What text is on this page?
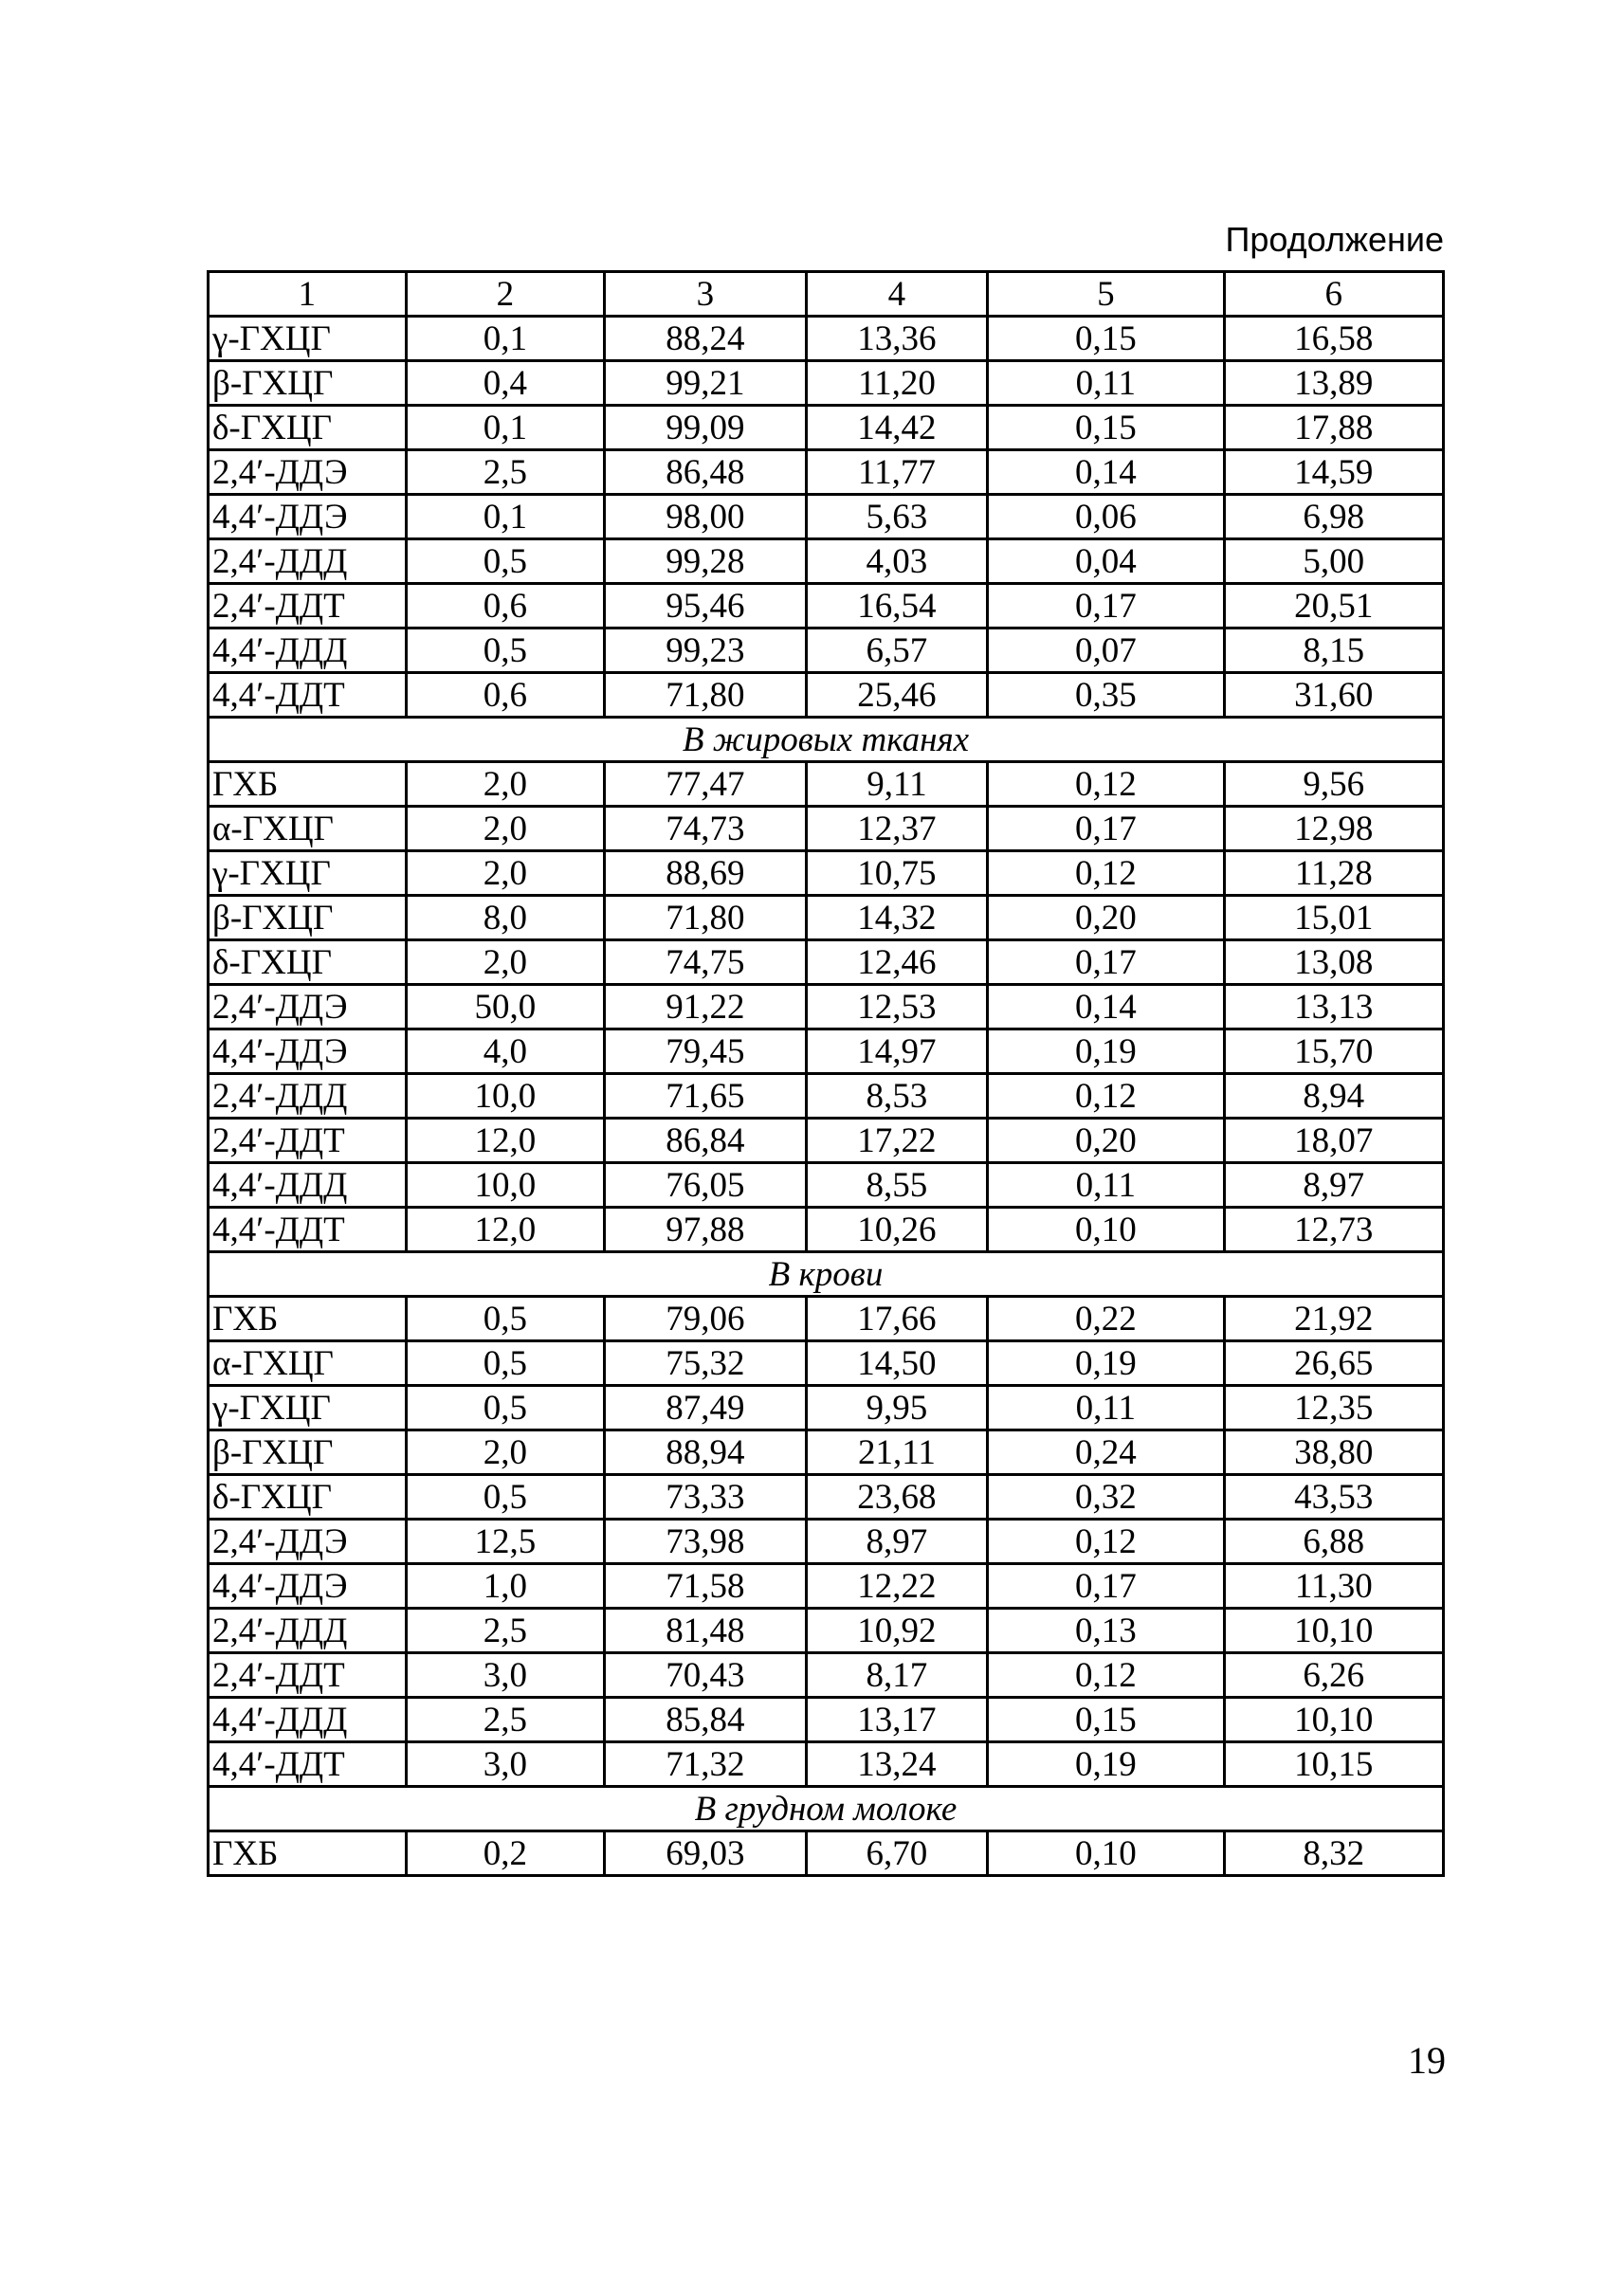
Продолжение

1	2	3	4	5	6
γ-ГХЦГ	0,1	88,24	13,36	0,15	16,58
β-ГХЦГ	0,4	99,21	11,20	0,11	13,89
δ-ГХЦГ	0,1	99,09	14,42	0,15	17,88
2,4′-ДДЭ	2,5	86,48	11,77	0,14	14,59
4,4′-ДДЭ	0,1	98,00	5,63	0,06	6,98
2,4′-ДДД	0,5	99,28	4,03	0,04	5,00
2,4′-ДДТ	0,6	95,46	16,54	0,17	20,51
4,4′-ДДД	0,5	99,23	6,57	0,07	8,15
4,4′-ДДТ	0,6	71,80	25,46	0,35	31,60
В жировых тканях					
ГХБ	2,0	77,47	9,11	0,12	9,56
α-ГХЦГ	2,0	74,73	12,37	0,17	12,98
γ-ГХЦГ	2,0	88,69	10,75	0,12	11,28
β-ГХЦГ	8,0	71,80	14,32	0,20	15,01
δ-ГХЦГ	2,0	74,75	12,46	0,17	13,08
2,4′-ДДЭ	50,0	91,22	12,53	0,14	13,13
4,4′-ДДЭ	4,0	79,45	14,97	0,19	15,70
2,4′-ДДД	10,0	71,65	8,53	0,12	8,94
2,4′-ДДТ	12,0	86,84	17,22	0,20	18,07
4,4′-ДДД	10,0	76,05	8,55	0,11	8,97
4,4′-ДДТ	12,0	97,88	10,26	0,10	12,73
В крови					
ГХБ	0,5	79,06	17,66	0,22	21,92
α-ГХЦГ	0,5	75,32	14,50	0,19	26,65
γ-ГХЦГ	0,5	87,49	9,95	0,11	12,35
β-ГХЦГ	2,0	88,94	21,11	0,24	38,80
δ-ГХЦГ	0,5	73,33	23,68	0,32	43,53
2,4′-ДДЭ	12,5	73,98	8,97	0,12	6,88
4,4′-ДДЭ	1,0	71,58	12,22	0,17	11,30
2,4′-ДДД	2,5	81,48	10,92	0,13	10,10
2,4′-ДДТ	3,0	70,43	8,17	0,12	6,26
4,4′-ДДД	2,5	85,84	13,17	0,15	10,10
4,4′-ДДТ	3,0	71,32	13,24	0,19	10,15
В грудном молоке					
ГХБ	0,2	69,03	6,70	0,10	8,32

19
